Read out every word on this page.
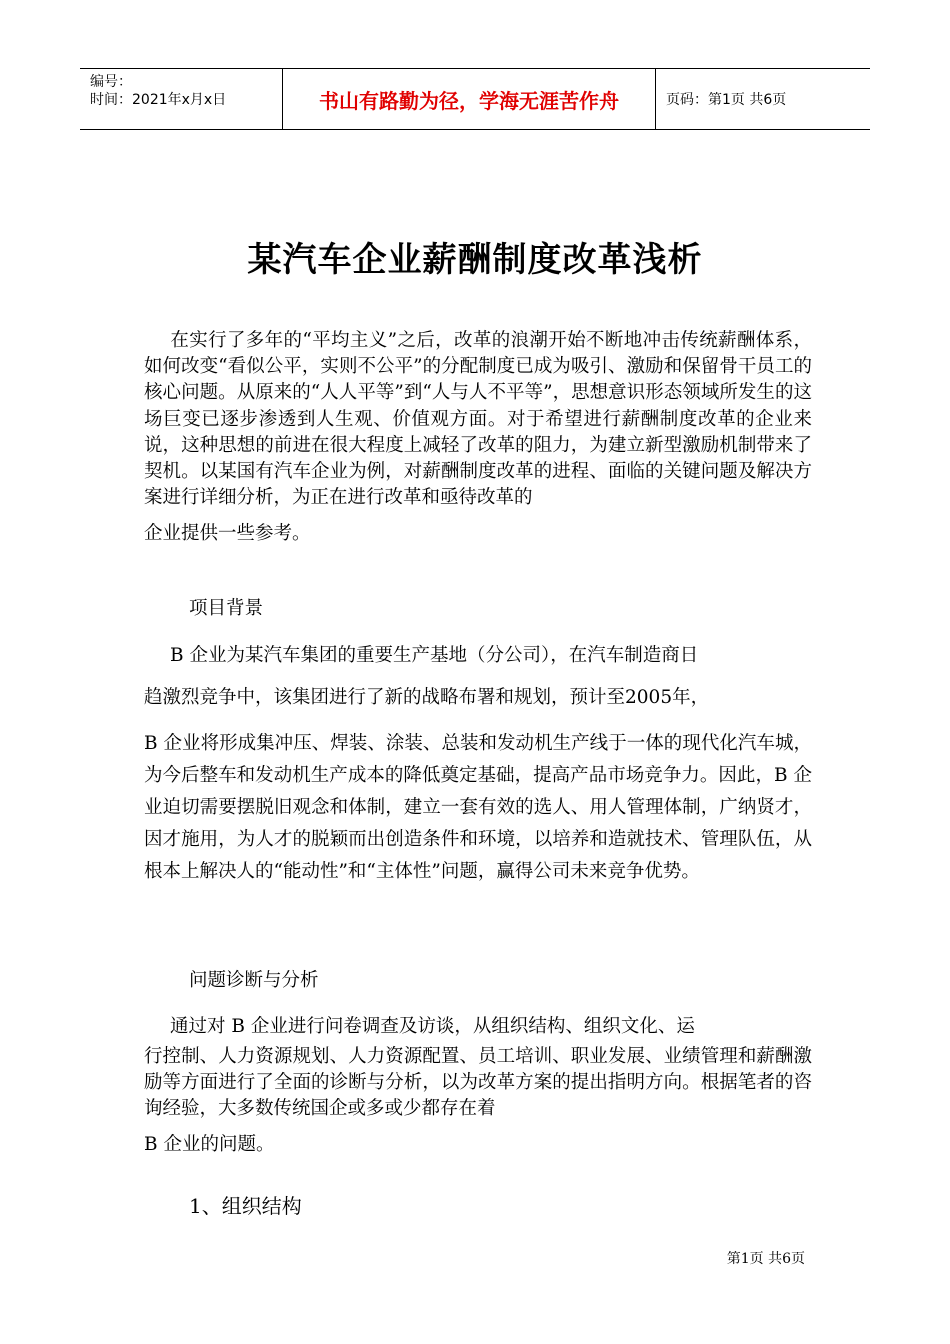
编号：
时间：2021年x月x日	书山有路勤为径，学海无涯苦作舟	页码：第1页 共6页
某汽车企业薪酬制度改革浅析

在实行了多年的“平均主义”之后，改革的浪潮开始不断地冲击传统薪酬体系，如何改变“看似公平，实则不公平”的分配制度已成为吸引、激励和保留骨干员工的核心问题。从原来的“人人平等”到“人与人不平等”，思想意识形态领域所发生的这场巨变已逐步渗透到人生观、价值观方面。对于希望进行薪酬制度改革的企业来说，这种思想的前进在很大程度上减轻了改革的阻力，为建立新型激励机制带来了契机。以某国有汽车企业为例，对薪酬制度改革的进程、面临的关键问题及解决方案进行详细分析，为正在进行改革和亟待改革的
企业提供一些参考。

项目背景

B 企业为某汽车集团的重要生产基地（分公司），在汽车制造商日
趋激烈竞争中，该集团进行了新的战略布署和规划，预计至2005年，
B 企业将形成集冲压、焊装、涂装、总装和发动机生产线于一体的现代化汽车城，为今后整车和发动机生产成本的降低奠定基础，提高产品市场竞争力。因此，B 企业迫切需要摆脱旧观念和体制，建立一套有效的选人、用人管理体制，广纳贤才，因才施用，为人才的脱颖而出创造条件和环境，以培养和造就技术、管理队伍，从根本上解决人的“能动性”和“主体性”问题，赢得公司未来竞争优势。

问题诊断与分析

通过对 B 企业进行问卷调查及访谈，从组织结构、组织文化、运
行控制、人力资源规划、人力资源配置、员工培训、职业发展、业绩管理和薪酬激励等方面进行了全面的诊断与分析，以为改革方案的提出指明方向。根据笔者的咨询经验，大多数传统国企或多或少都存在着
B 企业的问题。

1、组织结构

第1页 共6页
